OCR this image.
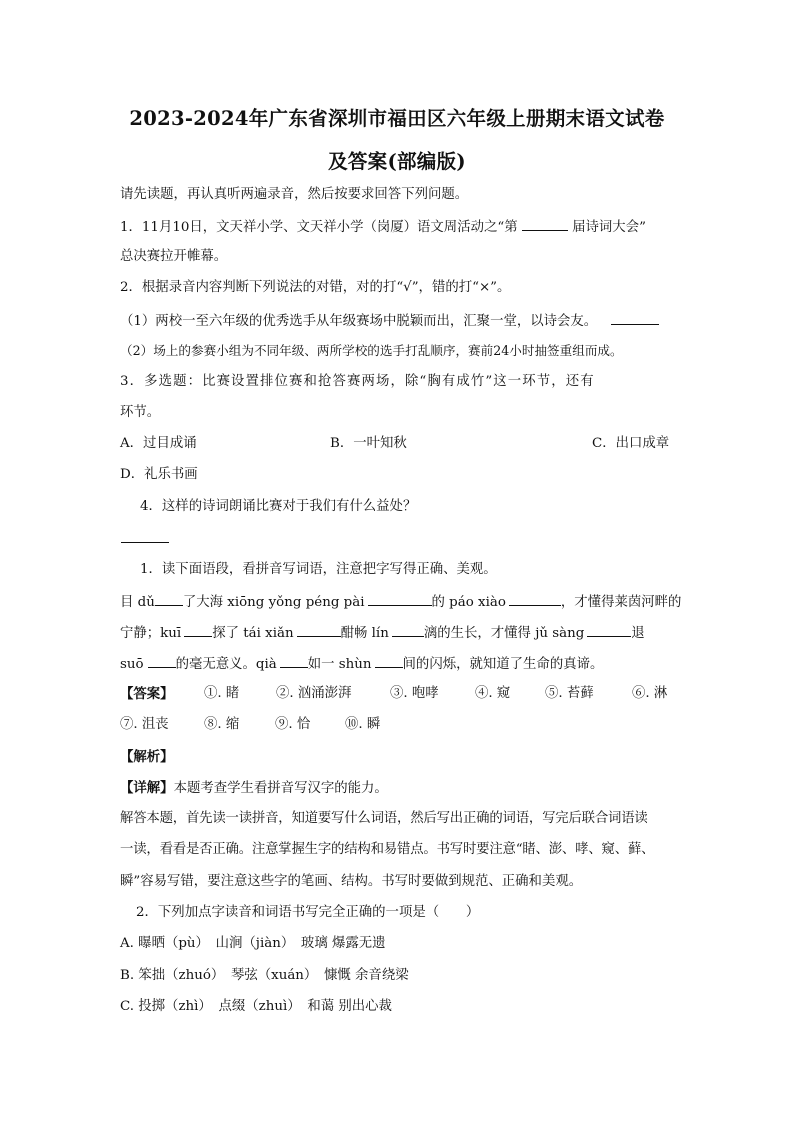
2023-2024年广东省深圳市福田区六年级上册期末语文试卷
及答案(部编版)
请先读题，再认真听两遍录音，然后按要求回答下列问题。
1．11月10日，文天祥小学、文天祥小学（岗厦）语文周活动之“第	届诗词大会”
总决赛拉开帷幕。
2．根据录音内容判断下列说法的对错，对的打“√”，错的打“×”。
（1）两校一至六年级的优秀选手从年级赛场中脱颖而出，汇聚一堂，以诗会友。
（2）场上的参赛小组为不同年级、两所学校的选手打乱顺序，赛前24小时抽签重组而成。
3．多选题：比赛设置排位赛和抢答赛两场，除“胸有成竹”这一环节，还有
环节。
A．过目成诵	B．一叶知秋	C．出口成章
D．礼乐书画
4．这样的诗词朗诵比赛对于我们有什么益处？
1．读下面语段，看拼音写词语，注意把字写得正确、美观。
目 dǔ 了大海 xiōng yǒng péng pài	的 páo xiào	，才懂得莱茵河畔的
宁静；kuī 探了 tái xiǎn	酣畅 lín	漓的生长，才懂得 jǔ sàng	退
suō 的毫无意义。qià 如一 shùn 间的闪烁，就知道了生命的真谛。
【答案】	①. 睹	②. 汹涌澎湃	③. 咆哮	④. 窥	⑤. 苔藓	⑥. 淋
⑦. 沮丧	⑧. 缩	⑨. 恰	⑩. 瞬
【解析】
【详解】本题考查学生看拼音写汉字的能力。
解答本题，首先读一读拼音，知道要写什么词语，然后写出正确的词语，写完后联合词语读
一读，看看是否正确。注意掌握生字的结构和易错点。书写时要注意“睹、澎、哮、窥、藓、
瞬”容易写错，要注意这些字的笔画、结构。书写时要做到规范、正确和美观。
2．下列加点字读音和词语书写完全正确的一项是（　　）
A. 曝晒（pù）　山涧（jiàn）　玻璃 爆露无遗
B. 笨拙（zhuó）　琴弦（xuán）　慷慨 余音绕梁
C. 投掷（zhì）　点缀（zhuì）　和蔼 别出心裁
